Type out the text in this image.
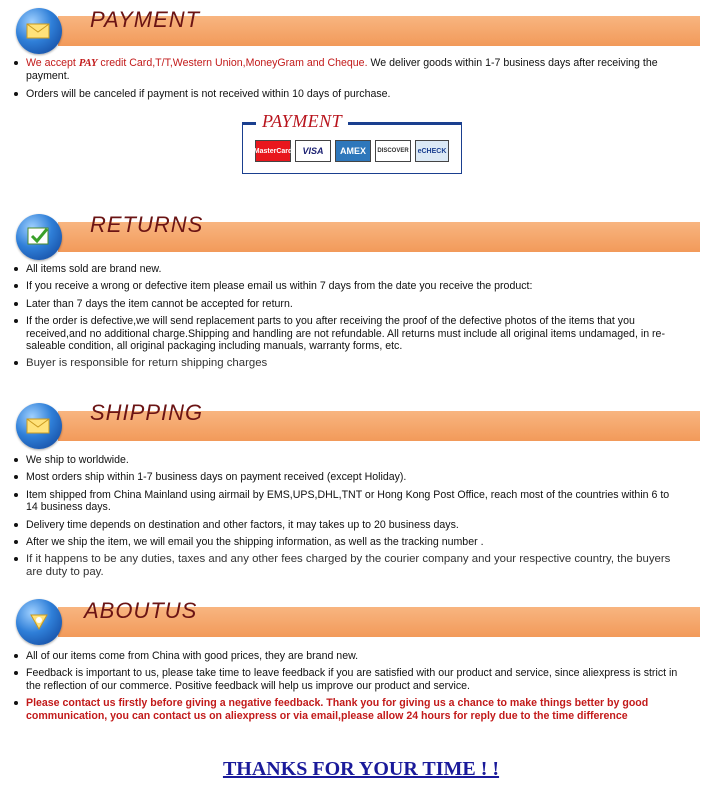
PAYMENT
We accept PAY credit Card,T/T,Western Union,MoneyGram and Cheque. We deliver goods within 1-7 business days after receiving the payment.
Orders will be canceled if payment is not received within 10 days of purchase.
PAYMENT
MasterCard VISA AMEX DISCOVER eCHECK
RETURNS
All items sold are brand new.
If you receive a wrong or defective item please email us within 7 days from the date you receive the product:
Later than 7 days the item cannot be accepted for return.
If the order is defective,we will send replacement parts to you after receiving the proof of the defective photos of the items that you received,and no additional charge.Shipping and handling are not refundable. All returns must include all original items undamaged, in re-saleable condition, all original packaging including manuals, warranty forms, etc.
Buyer is responsible for return shipping charges
SHIPPING
We ship to worldwide.
Most orders ship within 1-7 business days on payment received (except Holiday).
Item shipped from China Mainland using airmail by EMS,UPS,DHL,TNT or Hong Kong Post Office, reach most of the countries within 6 to 14 business days.
Delivery time depends on destination and other factors, it may takes up to 20 business days.
After we ship the item, we will email you the shipping information, as well as the tracking number .
If it happens to be any duties, taxes and any other fees charged by the courier company and your respective country, the buyers are duty to pay.
ABOUTUS
All of our items come from China with good prices, they are brand new.
Feedback is important to us, please take time to leave feedback if you are satisfied with our product and service, since aliexpress is strict in the reflection of our commerce. Positive feedback will help us improve our product and service.
Please contact us firstly before giving a negative feedback. Thank you for giving us a chance to make things better by good communication, you can contact us on aliexpress or via email,please allow 24 hours for reply due to the time difference
THANKS FOR YOUR TIME ! !
